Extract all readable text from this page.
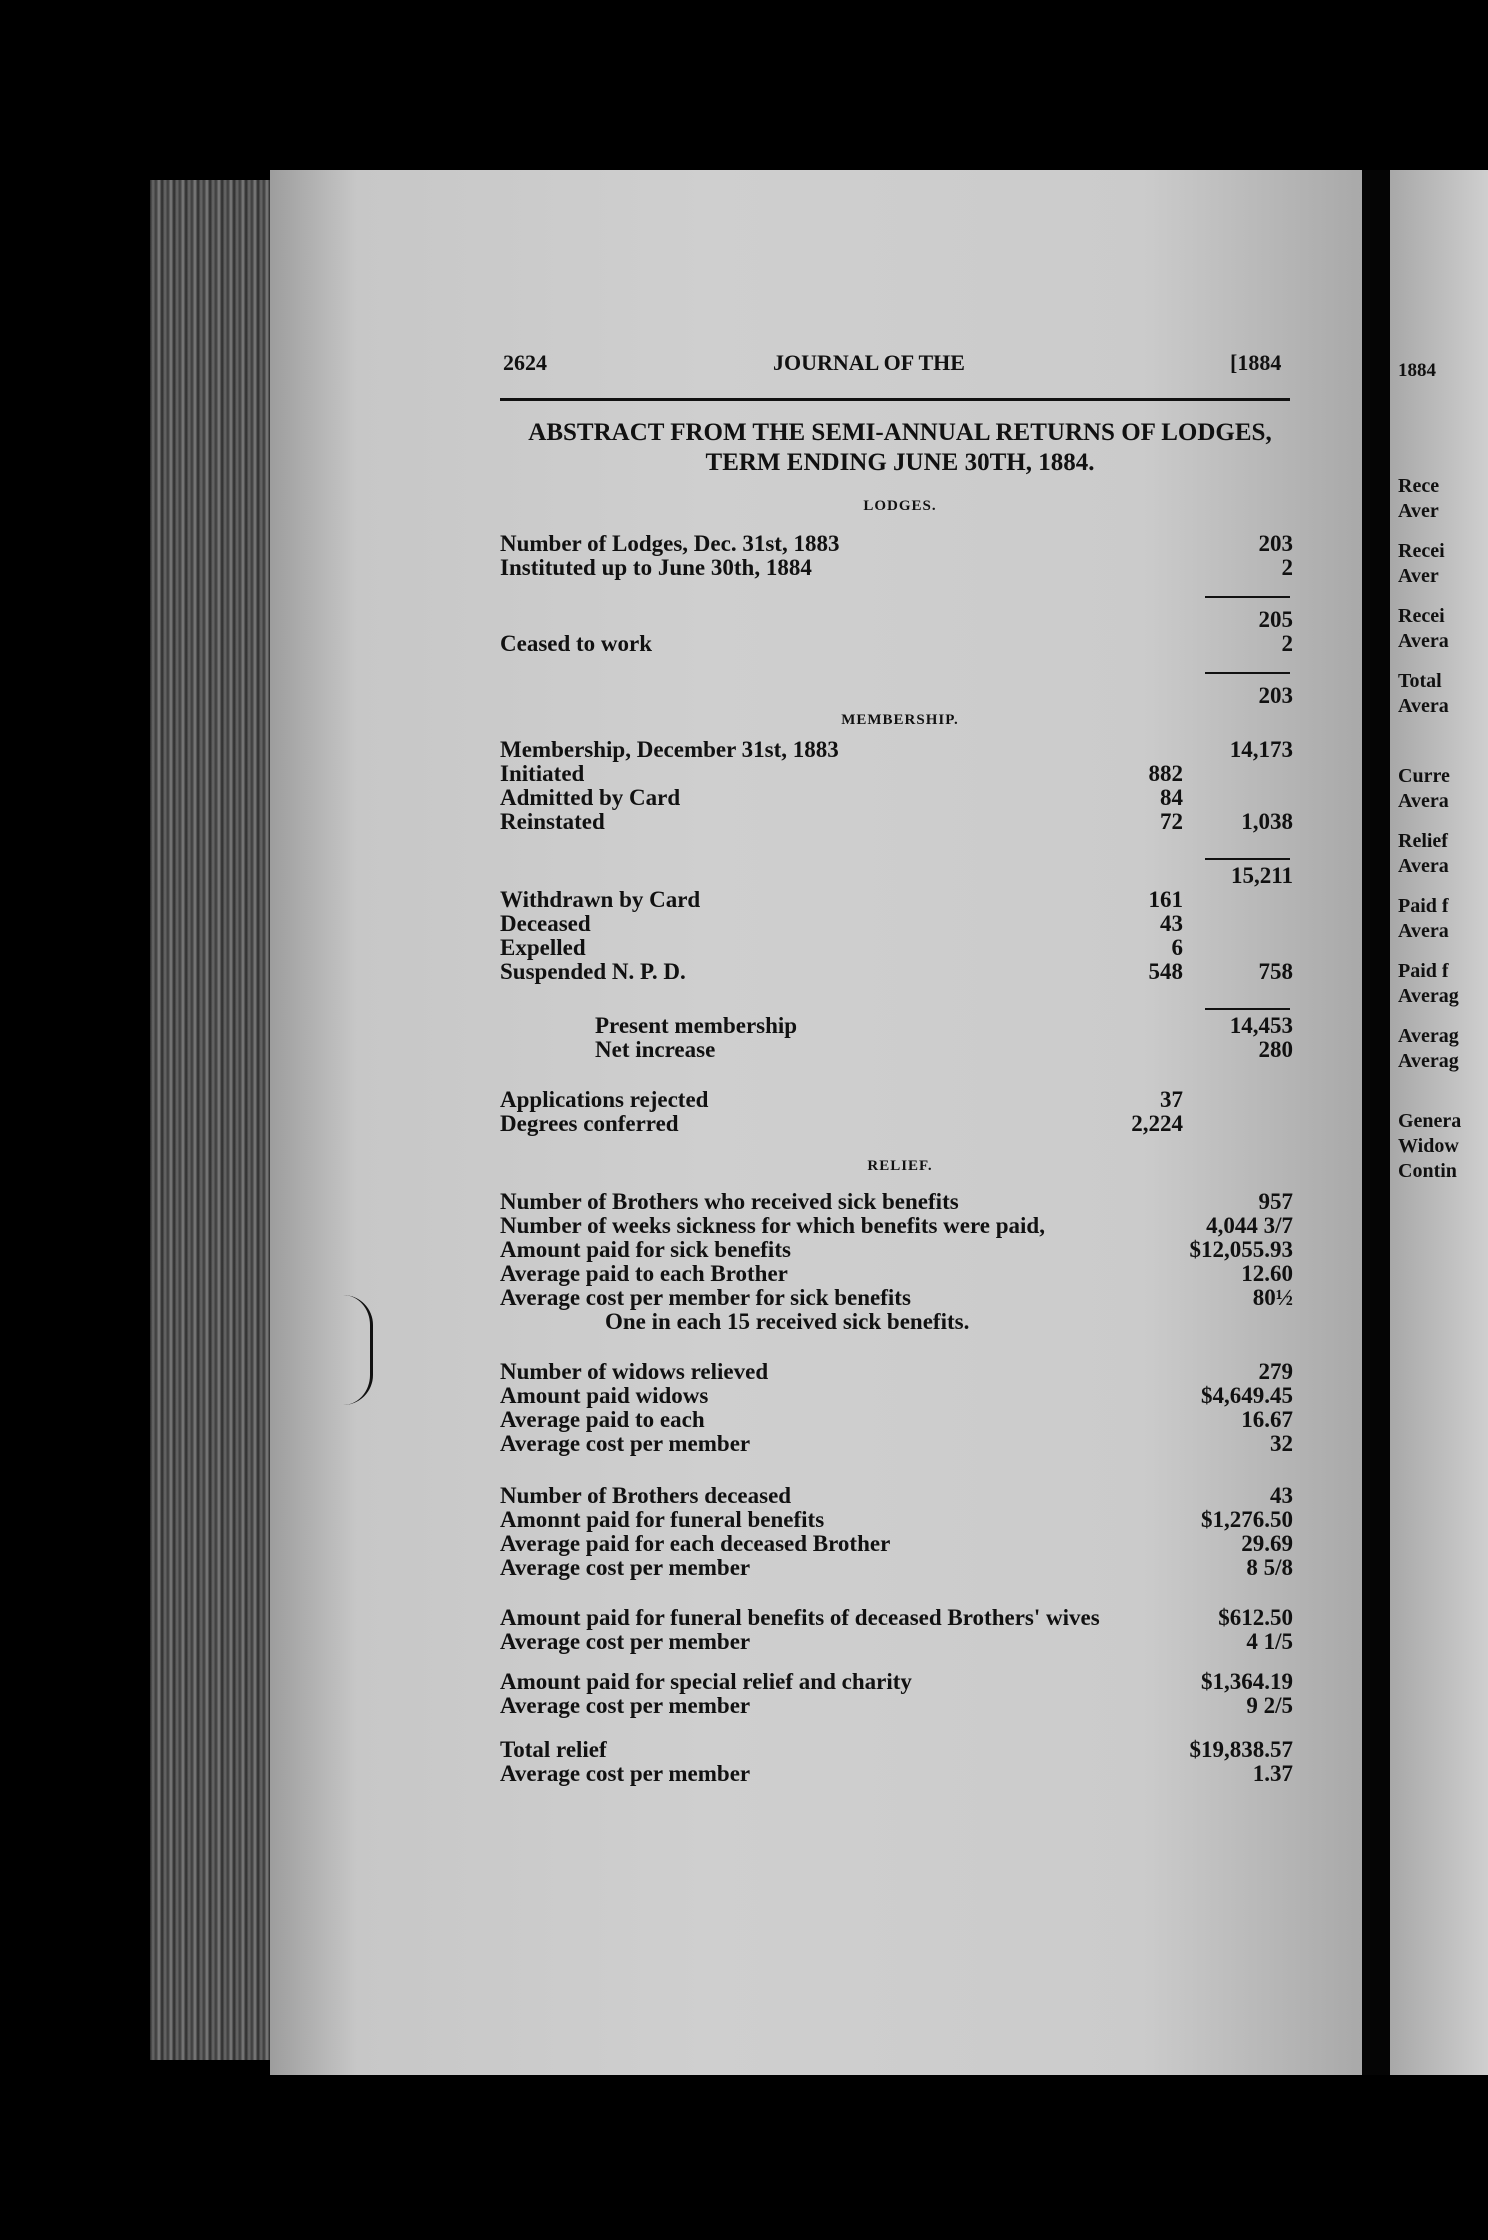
1884
Rece
Aver
Recei
Aver
Recei
Avera
Total
Avera
Curre
Avera
Relief
Avera
Paid f
Avera
Paid f
Averag
Averag
Averag
Genera
Widow
Contin
2624	JOURNAL OF THE	[1884
ABSTRACT FROM THE SEMI-ANNUAL RETURNS OF LODGES,
TERM ENDING JUNE 30TH, 1884.
LODGES.
MEMBERSHIP.
RELIEF.
Number of Lodges, Dec. 31st, 1883	203
Instituted up to June 30th, 1884	2
205
Ceased to work	2
203
Membership, December 31st, 1883	14,173
Initiated	882
Admitted by Card	84
Reinstated	72	1,038
15,211
Withdrawn by Card	161
Deceased	43
Expelled	6
Suspended N. P. D.	548	758
Present membership	14,453
Net increase	280
Applications rejected	37
Degrees conferred	2,224
Number of Brothers who received sick benefits	957
Number of weeks sickness for which benefits were paid,	4,044 3/7
Amount paid for sick benefits	$12,055.93
Average paid to each Brother	12.60
Average cost per member for sick benefits	80½
One in each 15 received sick benefits.
Number of widows relieved	279
Amount paid widows	$4,649.45
Average paid to each	16.67
Average cost per member	32
Number of Brothers deceased	43
Amonnt paid for funeral benefits	$1,276.50
Average paid for each deceased Brother	29.69
Average cost per member	8 5/8
Amount paid for funeral benefits of deceased Brothers' wives	$612.50
Average cost per member	4 1/5
Amount paid for special relief and charity	$1,364.19
Average cost per member	9 2/5
Total relief	$19,838.57
Average cost per member	1.37
